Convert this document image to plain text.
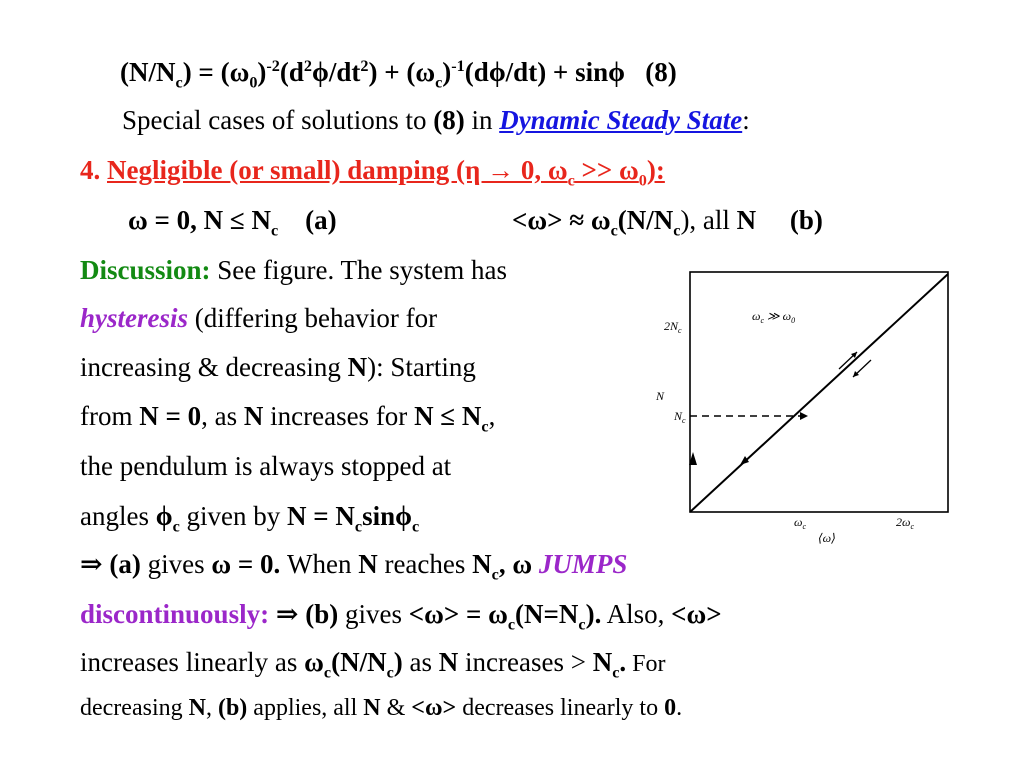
$(N/N_c) = (\omega_0)^{-2}(d^2\phi/dt^2) + (\omega_c)^{-1}(d\phi/dt) + \sin\phi$ (8)
Special cases of solutions to (8) in Dynamic Steady State:
4. Negligible (or small) damping (η → 0, $\omega_c >> \omega_0$):
ω = 0, $N \le N_c$ (a)	$<\omega> \approx \omega_c(N/N_c)$, all N (b)
Discussion: See figure. The system has
hysteresis (differing behavior for
increasing & decreasing N): Starting
from N = 0, as N increases for $N \le N_c$,
the pendulum is always stopped at
angles $\phi_c$ given by $N = N_c\sin\phi_c$
⇒ (a) gives ω = 0. When N reaches $N_c$, ω JUMPS
discontinuously: ⇒ (b) gives $<\omega> = \omega_c(N=N_c)$. Also, <ω>
increases linearly as $\omega_c(N/N_c)$ as N increases > $N_c$. For
decreasing N, (b) applies, all N & <ω> decreases linearly to 0.
$\omega_c$ ≫ $\omega_0$
$2N_c$
N
$N_c$
$\omega_c$	$2\omega_c$
⟨ω⟩
